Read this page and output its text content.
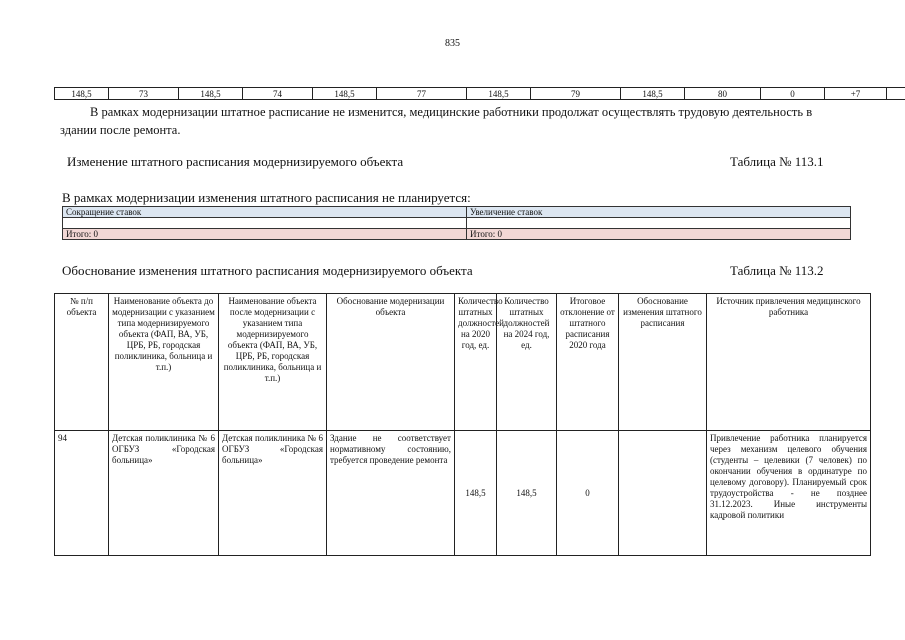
835
148,5	73	148,5	74	148,5	77	148,5	79	148,5	80	0	+7	
В рамках модернизации штатное расписание не изменится, медицинские работники продолжат осуществлять трудовую деятельность в здании после ремонта.
Изменение штатного расписания модернизируемого объекта	Таблица № 113.1
В рамках модернизации изменения штатного расписания не планируется:
Сокращение ставок	Увеличение ставок

Итого: 0	Итого: 0
Обоснование изменения штатного расписания модернизируемого объекта	Таблица № 113.2
№ п/п объекта	Наименование объекта до модернизации с указанием типа модернизируемого объекта (ФАП, ВА, УБ, ЦРБ, РБ, городская поликлиника, больница и т.п.)	Наименование объекта после модернизации с указанием типа модернизируемого объекта (ФАП, ВА, УБ, ЦРБ, РБ, городская поликлиника, больница и т.п.)	Обоснование модернизации объекта	Количество штатных должностей на 2020 год, ед.	Количество штатных должностей на 2024 год, ед.	Итоговое отклонение от штатного расписания 2020 года	Обоснование изменения штатного расписания	Источник привлечения медицинского работника
94	Детская поликлиника № 6 ОГБУЗ «Городская больница»	Детская поликлиника № 6 ОГБУЗ «Городская больница»	Здание не соответствует нормативному состоянию, требуется проведение ремонта	148,5	148,5	0		Привлечение работника планируется через механизм целевого обучения (студенты – целевики (7 человек) по окончании обучения в ординатуре по целевому договору). Планируемый срок трудоустройства - не позднее 31.12.2023. Иные инструменты кадровой политики
